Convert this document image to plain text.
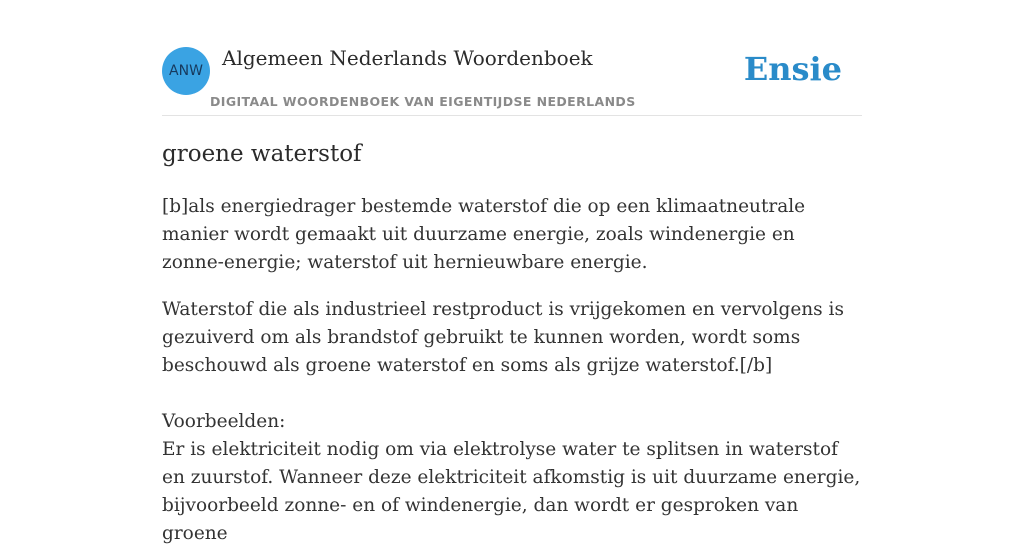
ANW
Algemeen Nederlands Woordenboek
DIGITAAL WOORDENBOEK VAN EIGENTIJDSE NEDERLANDS
Ensie
groene waterstof

[b]als energiedrager bestemde waterstof die op een klimaatneutrale manier wordt gemaakt uit duurzame energie, zoals windenergie en zonne-energie; waterstof uit hernieuwbare energie.

Waterstof die als industrieel restproduct is vrijgekomen en vervolgens is gezuiverd om als brandstof gebruikt te kunnen worden, wordt soms beschouwd als groene waterstof en soms als grijze waterstof.[/b]

Voorbeelden:

Er is elektriciteit nodig om via elektrolyse water te splitsen in waterstof en zuurstof. Wanneer deze elektriciteit afkomstig is uit duurzame energie, bijvoorbeeld zonne- en of windenergie, dan wordt er gesproken van groene
